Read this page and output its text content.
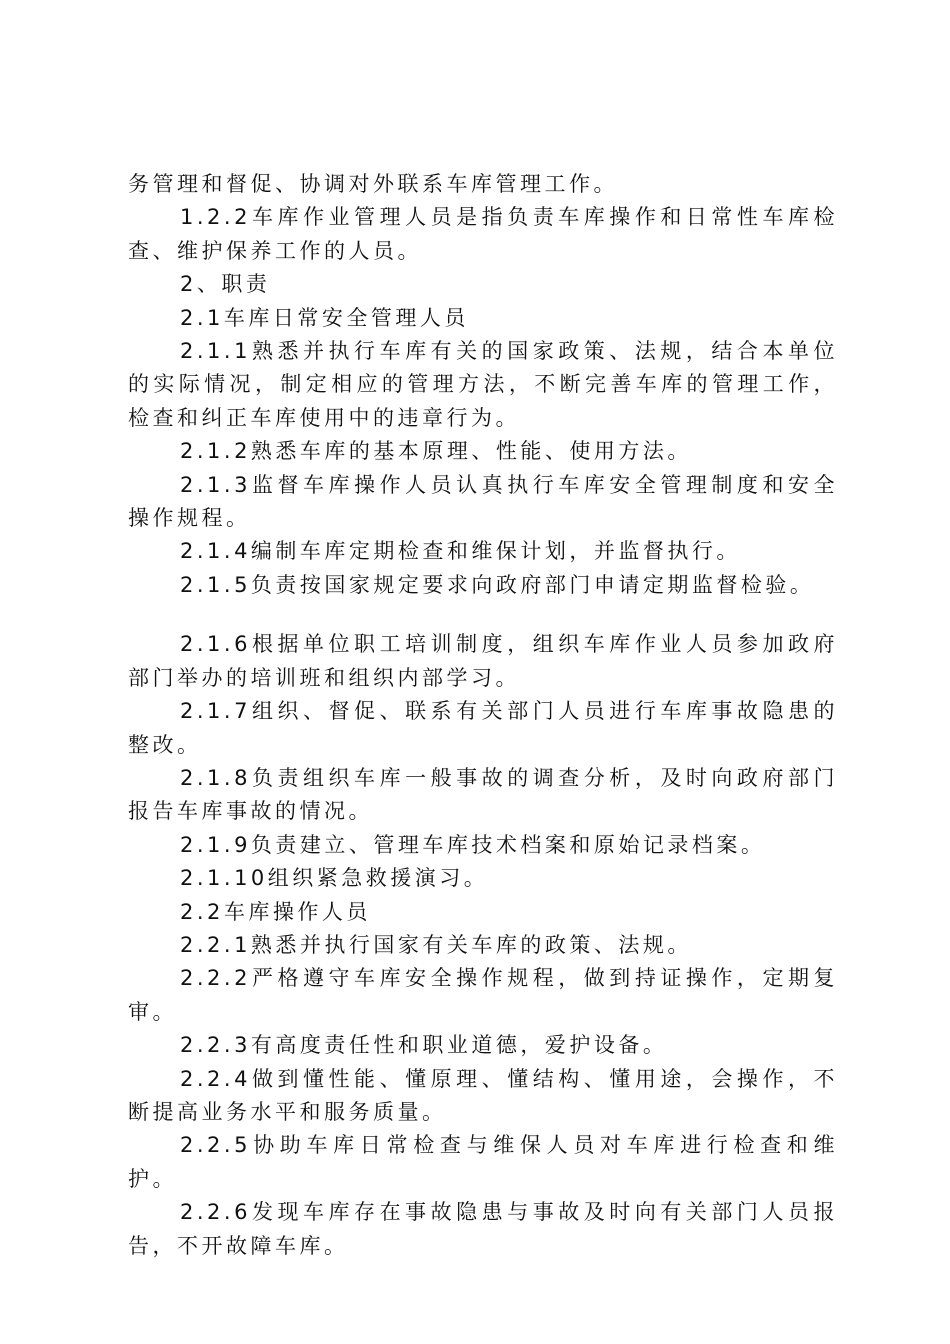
务管理和督促、协调对外联系车库管理工作。

1.2.2车库作业管理人员是指负责车库操作和日常性车库检查、维护保养工作的人员。

2、职责

2.1车库日常安全管理人员

2.1.1熟悉并执行车库有关的国家政策、法规，结合本单位的实际情况，制定相应的管理方法，不断完善车库的管理工作，检查和纠正车库使用中的违章行为。

2.1.2熟悉车库的基本原理、性能、使用方法。

2.1.3监督车库操作人员认真执行车库安全管理制度和安全操作规程。

2.1.4编制车库定期检查和维保计划，并监督执行。

2.1.5负责按国家规定要求向政府部门申请定期监督检验。

2.1.6根据单位职工培训制度，组织车库作业人员参加政府部门举办的培训班和组织内部学习。

2.1.7组织、督促、联系有关部门人员进行车库事故隐患的整改。

2.1.8负责组织车库一般事故的调查分析，及时向政府部门报告车库事故的情况。

2.1.9负责建立、管理车库技术档案和原始记录档案。

2.1.10组织紧急救援演习。

2.2车库操作人员

2.2.1熟悉并执行国家有关车库的政策、法规。

2.2.2严格遵守车库安全操作规程，做到持证操作，定期复审。

2.2.3有高度责任性和职业道德，爱护设备。

2.2.4做到懂性能、懂原理、懂结构、懂用途，会操作，不断提高业务水平和服务质量。

2.2.5协助车库日常检查与维保人员对车库进行检查和维护。

2.2.6发现车库存在事故隐患与事故及时向有关部门人员报告，不开故障车库。
